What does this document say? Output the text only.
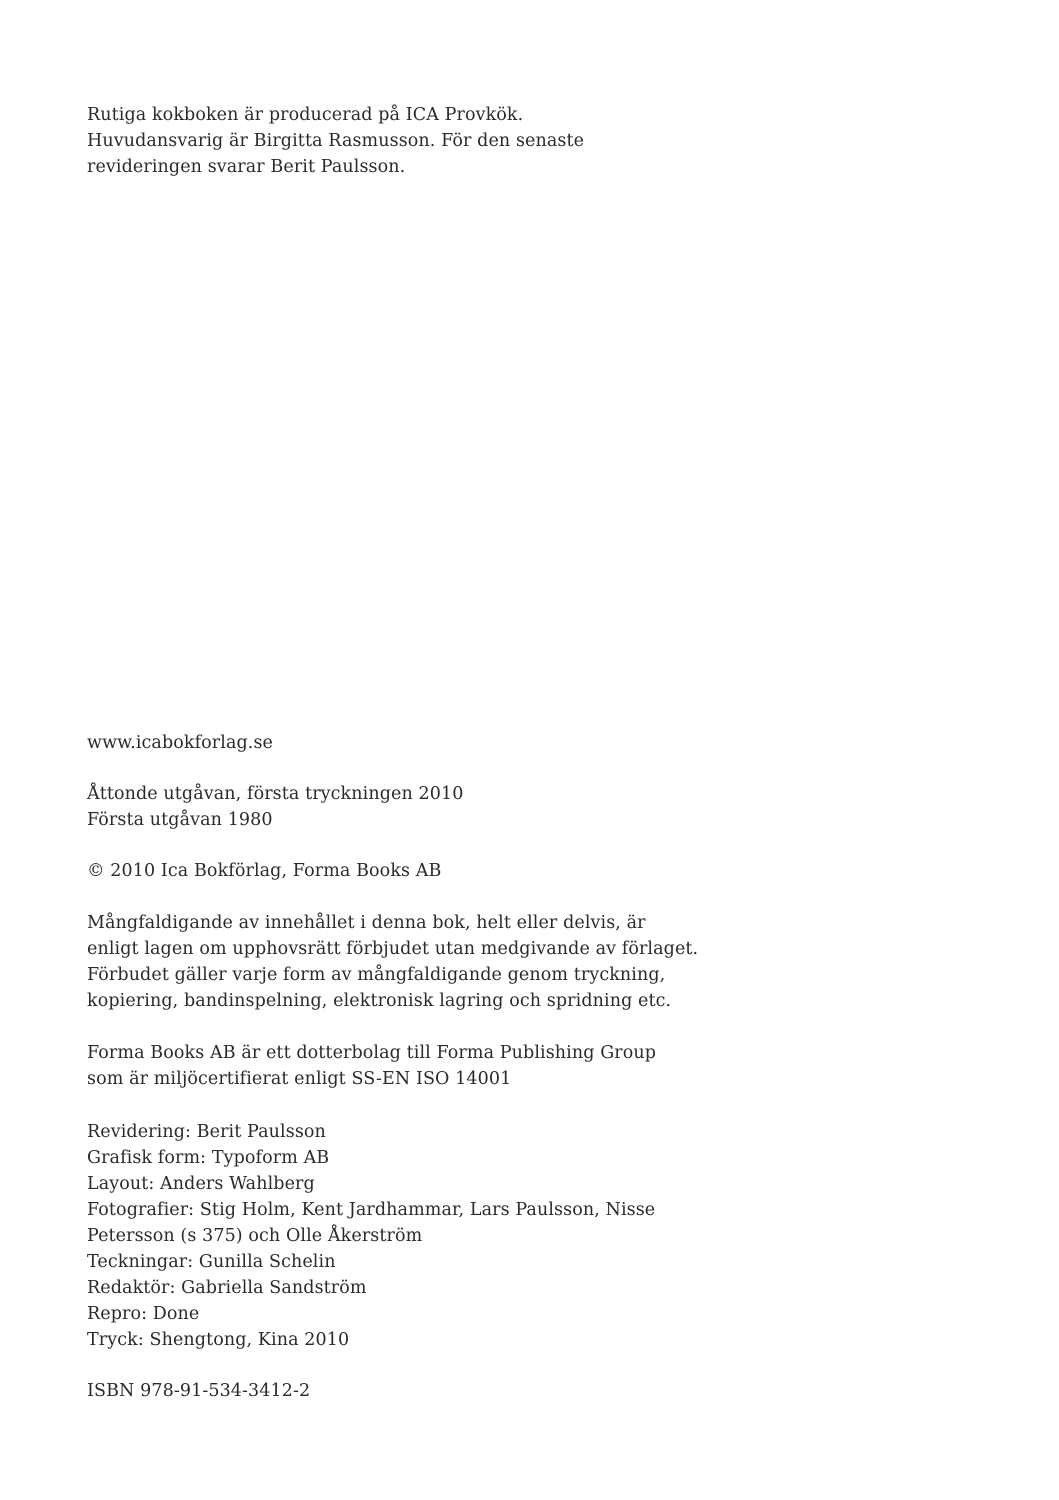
Rutiga kokboken är producerad på ICA Provkök.
Huvudansvarig är Birgitta Rasmusson. För den senaste
revideringen svarar Berit Paulsson.
www.icabokforlag.se
Åttonde utgåvan, första tryckningen 2010
Första utgåvan 1980
© 2010 Ica Bokförlag, Forma Books AB
Mångfaldigande av innehållet i denna bok, helt eller delvis, är
enligt lagen om upphovsrätt förbjudet utan medgivande av förlaget.
Förbudet gäller varje form av mångfaldigande genom tryckning,
kopiering, bandinspelning, elektronisk lagring och spridning etc.
Forma Books AB är ett dotterbolag till Forma Publishing Group
som är miljöcertifierat enligt SS-EN ISO 14001
Revidering: Berit Paulsson
Grafisk form: Typoform AB
Layout: Anders Wahlberg
Fotografier: Stig Holm, Kent Jardhammar, Lars Paulsson, Nisse
Petersson (s 375) och Olle Åkerström
Teckningar: Gunilla Schelin
Redaktör: Gabriella Sandström
Repro: Done
Tryck: Shengtong, Kina 2010
ISBN 978-91-534-3412-2
